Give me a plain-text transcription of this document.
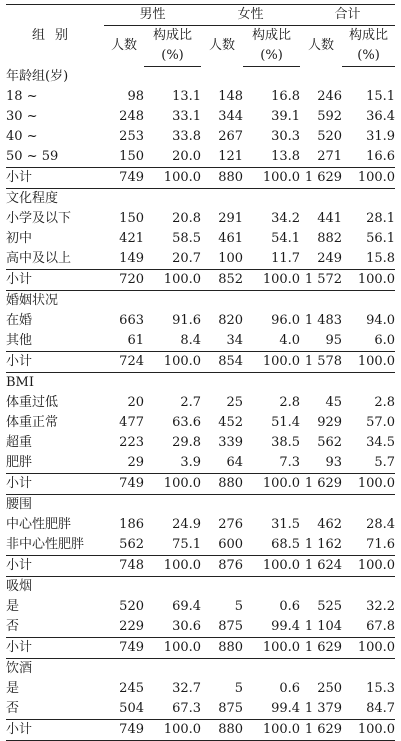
组别	男性		女性		合计	
	人数	构成比	人数	构成比	人数	构成比
		(%)		(%)		(%)
年龄组(岁)						
18 ~	98	13.1	148	16.8	246	15.1
30 ~	248	33.1	344	39.1	592	36.4
40 ~	253	33.8	267	30.3	520	31.9
50 ~ 59	150	20.0	121	13.8	271	16.6
小计	749	100.0	880	100.0	1 629	100.0
文化程度						
小学及以下	150	20.8	291	34.2	441	28.1
初中	421	58.5	461	54.1	882	56.1
高中及以上	149	20.7	100	11.7	249	15.8
小计	720	100.0	852	100.0	1 572	100.0
婚姻状况						
在婚	663	91.6	820	96.0	1 483	94.0
其他	61	8.4	34	4.0	95	6.0
小计	724	100.0	854	100.0	1 578	100.0
BMI						
体重过低	20	2.7	25	2.8	45	2.8
体重正常	477	63.6	452	51.4	929	57.0
超重	223	29.8	339	38.5	562	34.5
肥胖	29	3.9	64	7.3	93	5.7
小计	749	100.0	880	100.0	1 629	100.0
腰围						
中心性肥胖	186	24.9	276	31.5	462	28.4
非中心性肥胖	562	75.1	600	68.5	1 162	71.6
小计	748	100.0	876	100.0	1 624	100.0
吸烟						
是	520	69.4	5	0.6	525	32.2
否	229	30.6	875	99.4	1 104	67.8
小计	749	100.0	880	100.0	1 629	100.0
饮酒						
是	245	32.7	5	0.6	250	15.3
否	504	67.3	875	99.4	1 379	84.7
小计	749	100.0	880	100.0	1 629	100.0
